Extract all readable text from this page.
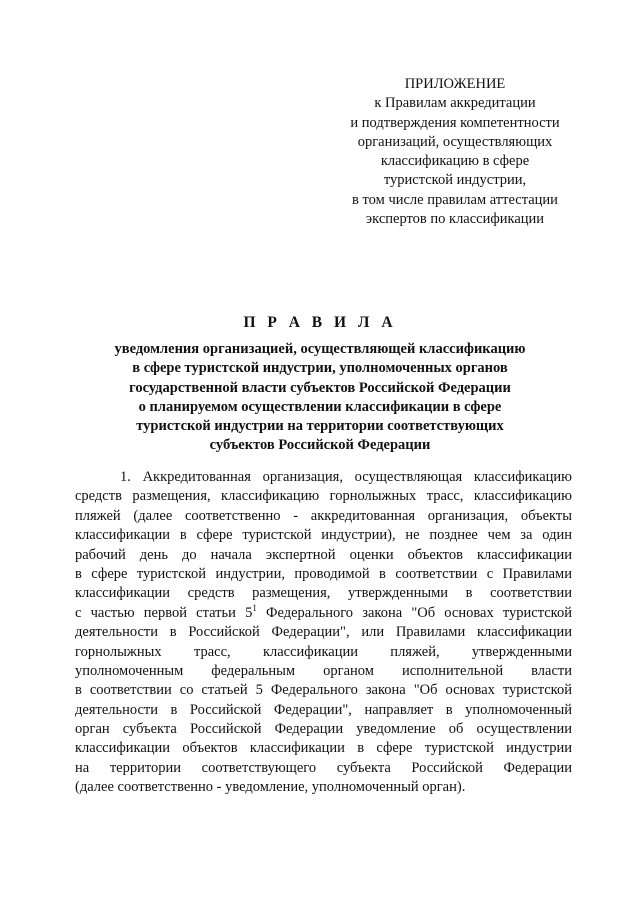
ПРИЛОЖЕНИЕ
к Правилам аккредитации
и подтверждения компетентности
организаций, осуществляющих
классификацию в сфере
туристской индустрии,
в том числе правилам аттестации
экспертов по классификации
П Р А В И Л А
уведомления организацией, осуществляющей классификацию
в сфере туристской индустрии, уполномоченных органов
государственной власти субъектов Российской Федерации
о планируемом осуществлении классификации в сфере
туристской индустрии на территории соответствующих
субъектов Российской Федерации
1. Аккредитованная организация, осуществляющая классификацию
средств размещения, классификацию горнолыжных трасс, классификацию
пляжей (далее соответственно - аккредитованная организация, объекты
классификации в сфере туристской индустрии), не позднее чем за один
рабочий день до начала экспертной оценки объектов классификации
в сфере туристской индустрии, проводимой в соответствии с Правилами
классификации средств размещения, утвержденными в соответствии
с частью первой статьи $5^1$ Федерального закона "Об основах туристской
деятельности в Российской Федерации", или Правилами классификации
горнолыжных трасс, классификации пляжей, утвержденными
уполномоченным федеральным органом исполнительной власти
в соответствии со статьей 5 Федерального закона "Об основах туристской
деятельности в Российской Федерации", направляет в уполномоченный
орган субъекта Российской Федерации уведомление об осуществлении
классификации объектов классификации в сфере туристской индустрии
на территории соответствующего субъекта Российской Федерации
(далее соответственно - уведомление, уполномоченный орган).
